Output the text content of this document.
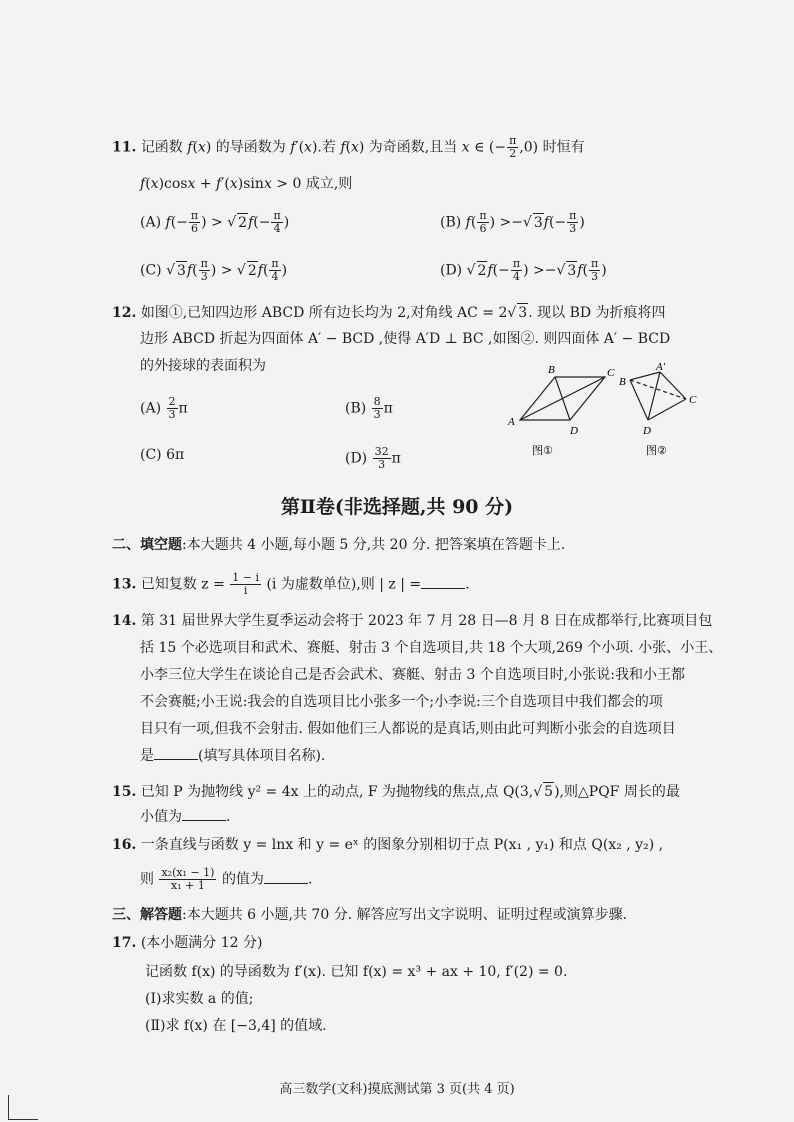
11. 记函数 f(x) 的导函数为 f′(x).若 f(x) 为奇函数,且当 x ∈ (− $\frac{\pi}{2} ,0$) 时恒有
f(x)cosx + f′(x)sinx > 0 成立,则
(A) $f(- \frac{\pi}{6}$ ) > √ $2f(- \frac{\pi}{4}$ )	(B) $f( \frac{\pi}{6}$ ) >−√ $3f(- \frac{\pi}{3}$ )
(C) √ $3f( \frac{\pi}{3}$ ) > √ $2f( \frac{\pi}{4}$ )	(D) √ $2f(- \frac{\pi}{4}$ ) >−√ $3f( \frac{\pi}{3}$ )
12. 如图①,已知四边形 ABCD 所有边长均为 2,对角线 AC = 2√ 3. 现以 BD 为折痕将四
边形 ABCD 折起为四面体 A′ − BCD ,使得 A′D ⊥ BC ,如图②. 则四面体 A′ − BCD
的外接球的表面积为
$(A) \frac{2}{3}$ π	$(B) \frac{8}{3}$ π
(C) 6π	$(D) \frac{32}{3}$ π
B	C
A
D
图①
B
A′
C
D
图②
第Ⅱ卷(非选择题,共 90 分)
二、填空题:本大题共 4 小题,每小题 5 分,共 20 分. 把答案填在答题卡上.
13. 已知复数 $z = \frac{1 - i}{i} (i$ 为虚数单位),则 | z | =	.
14. 第 31 届世界大学生夏季运动会将于 2023 年 7 月 28 日—8 月 8 日在成都举行,比赛项目包
括 15 个必选项目和武术、赛艇、射击 3 个自选项目,共 18 个大项,269 个小项. 小张、小王、
小李三位大学生在谈论自己是否会武术、赛艇、射击 3 个自选项目时,小张说:我和小王都
不会赛艇;小王说:我会的自选项目比小张多一个;小李说:三个自选项目中我们都会的项
目只有一项,但我不会射击. 假如他们三人都说的是真话,则由此可判断小张会的自选项目
是	(填写具体项目名称).
15. 已知 P 为抛物线 y² = 4x 上的动点, F 为抛物线的焦点,点 Q(3,√ 5),则△PQF 周长的最
小值为	.
16. 一条直线与函数 y = lnx 和 y = eˣ 的图象分别相切于点 P(x₁ , y₁) 和点 Q(x₂ , y₂) ,
则 $\frac{\text{x₂(x₁ − 1)}}{\text{x₁ + 1}}$ 的值为	.
三、解答题:本大题共 6 小题,共 70 分. 解答应写出文字说明、证明过程或演算步骤.
17. (本小题满分 12 分)
记函数 f(x) 的导函数为 f′(x). 已知 f(x) = x³ + ax + 10, f′(2) = 0.
(Ⅰ)求实数 a 的值;
(Ⅱ)求 f(x) 在 [−3,4] 的值域.
高三数学(文科)摸底测试第 3 页(共 4 页)
